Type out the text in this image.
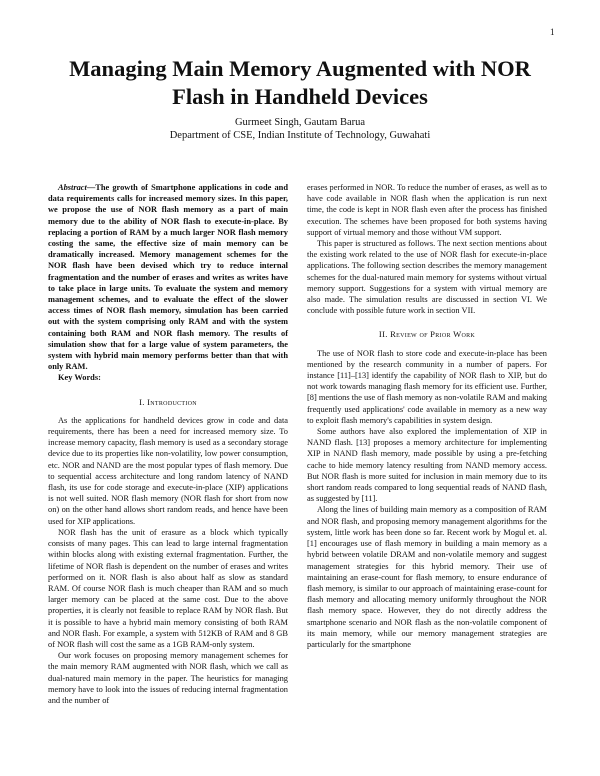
1
Managing Main Memory Augmented with NOR
Flash in Handheld Devices
Gurmeet Singh, Gautam Barua
Department of CSE, Indian Institute of Technology, Guwahati

Abstract—The growth of Smartphone applications in code and data requirements calls for increased memory sizes. In this paper, we propose the use of NOR flash memory as a part of main memory due to the ability of NOR flash to execute-in-place. By replacing a portion of RAM by a much larger NOR flash memory costing the same, the effective size of main memory can be dramatically increased. Memory management schemes for the NOR flash have been devised which try to reduce internal fragmentation and the number of erases and writes as writes have to take place in large units. To evaluate the system and memory management schemes, and to evaluate the effect of the slower access times of NOR flash memory, simulation has been carried out with the system comprising only RAM and with the system containing both RAM and NOR flash memory. The results of simulation show that for a large value of system parameters, the system with hybrid main memory performs better than that with only RAM.

Key Words:

I. Introduction

As the applications for handheld devices grow in code and data requirements, there has been a need for increased memory size. To increase memory capacity, flash memory is used as a secondary storage device due to its properties like non-volatility, low power consumption, etc. NOR and NAND are the most popular types of flash memory. Due to sequential access architecture and long random latency of NAND flash, its use for code storage and execute-in-place (XIP) applications is not well suited. NOR flash memory (NOR flash for short from now on) on the other hand allows short random reads, and hence have been used for XIP applications.

NOR flash has the unit of erasure as a block which typically consists of many pages. This can lead to large internal fragmentation within blocks along with existing external fragmentation. Further, the lifetime of NOR flash is dependent on the number of erases and writes performed on it. NOR flash is also about half as slow as standard RAM. Of course NOR flash is much cheaper than RAM and so much larger memory can be placed at the same cost. Due to the above properties, it is clearly not feasible to replace RAM by NOR flash. But it is possible to have a hybrid main memory consisting of both RAM and NOR flash. For example, a system with 512KB of RAM and 8 GB of NOR flash will cost the same as a 1GB RAM-only system.

Our work focuses on proposing memory management schemes for the main memory RAM augmented with NOR flash, which we call as dual-natured main memory in the paper. The heuristics for managing memory have to look into the issues of reducing internal fragmentation and the number of

erases performed in NOR. To reduce the number of erases, as well as to have code available in NOR flash when the application is run next time, the code is kept in NOR flash even after the process has finished execution. The schemes have been proposed for both systems having support of virtual memory and those without VM support.

This paper is structured as follows. The next section mentions about the existing work related to the use of NOR flash for execute-in-place applications. The following section describes the memory management schemes for the dual-natured main memory for systems without virtual memory support. Suggestions for a system with virtual memory are also made. The simulation results are discussed in section VI. We conclude with possible future work in section VII.

II. Review of Prior Work

The use of NOR flash to store code and execute-in-place has been mentioned by the research community in a number of papers. For instance [11]–[13] identify the capability of NOR flash to XIP, but do not work towards managing flash memory for its efficient use. Further, [8] mentions the use of flash memory as non-volatile RAM and making frequently used applications' code available in memory as a new way to exploit flash memory's capabilities in system design.

Some authors have also explored the implementation of XIP in NAND flash. [13] proposes a memory architecture for implementing XIP in NAND flash memory, made possible by using a pre-fetching cache to hide memory latency resulting from NAND memory access. But NOR flash is more suited for inclusion in main memory due to its short random reads compared to long sequential reads of NAND flash, as suggested by [11].

Along the lines of building main memory as a composition of RAM and NOR flash, and proposing memory management algorithms for the system, little work has been done so far. Recent work by Mogul et. al. [1] encourages use of flash memory in building a main memory as a hybrid between volatile DRAM and non-volatile memory and suggest management strategies for this hybrid memory. Their use of maintaining an erase-count for flash memory, to ensure endurance of flash memory, is similar to our approach of maintaining erase-count for flash memory and allocating memory uniformly throughout the NOR flash memory space. However, they do not directly address the smartphone scenario and NOR flash as the non-volatile component of its main memory, while our memory management strategies are particularly for the smartphone
